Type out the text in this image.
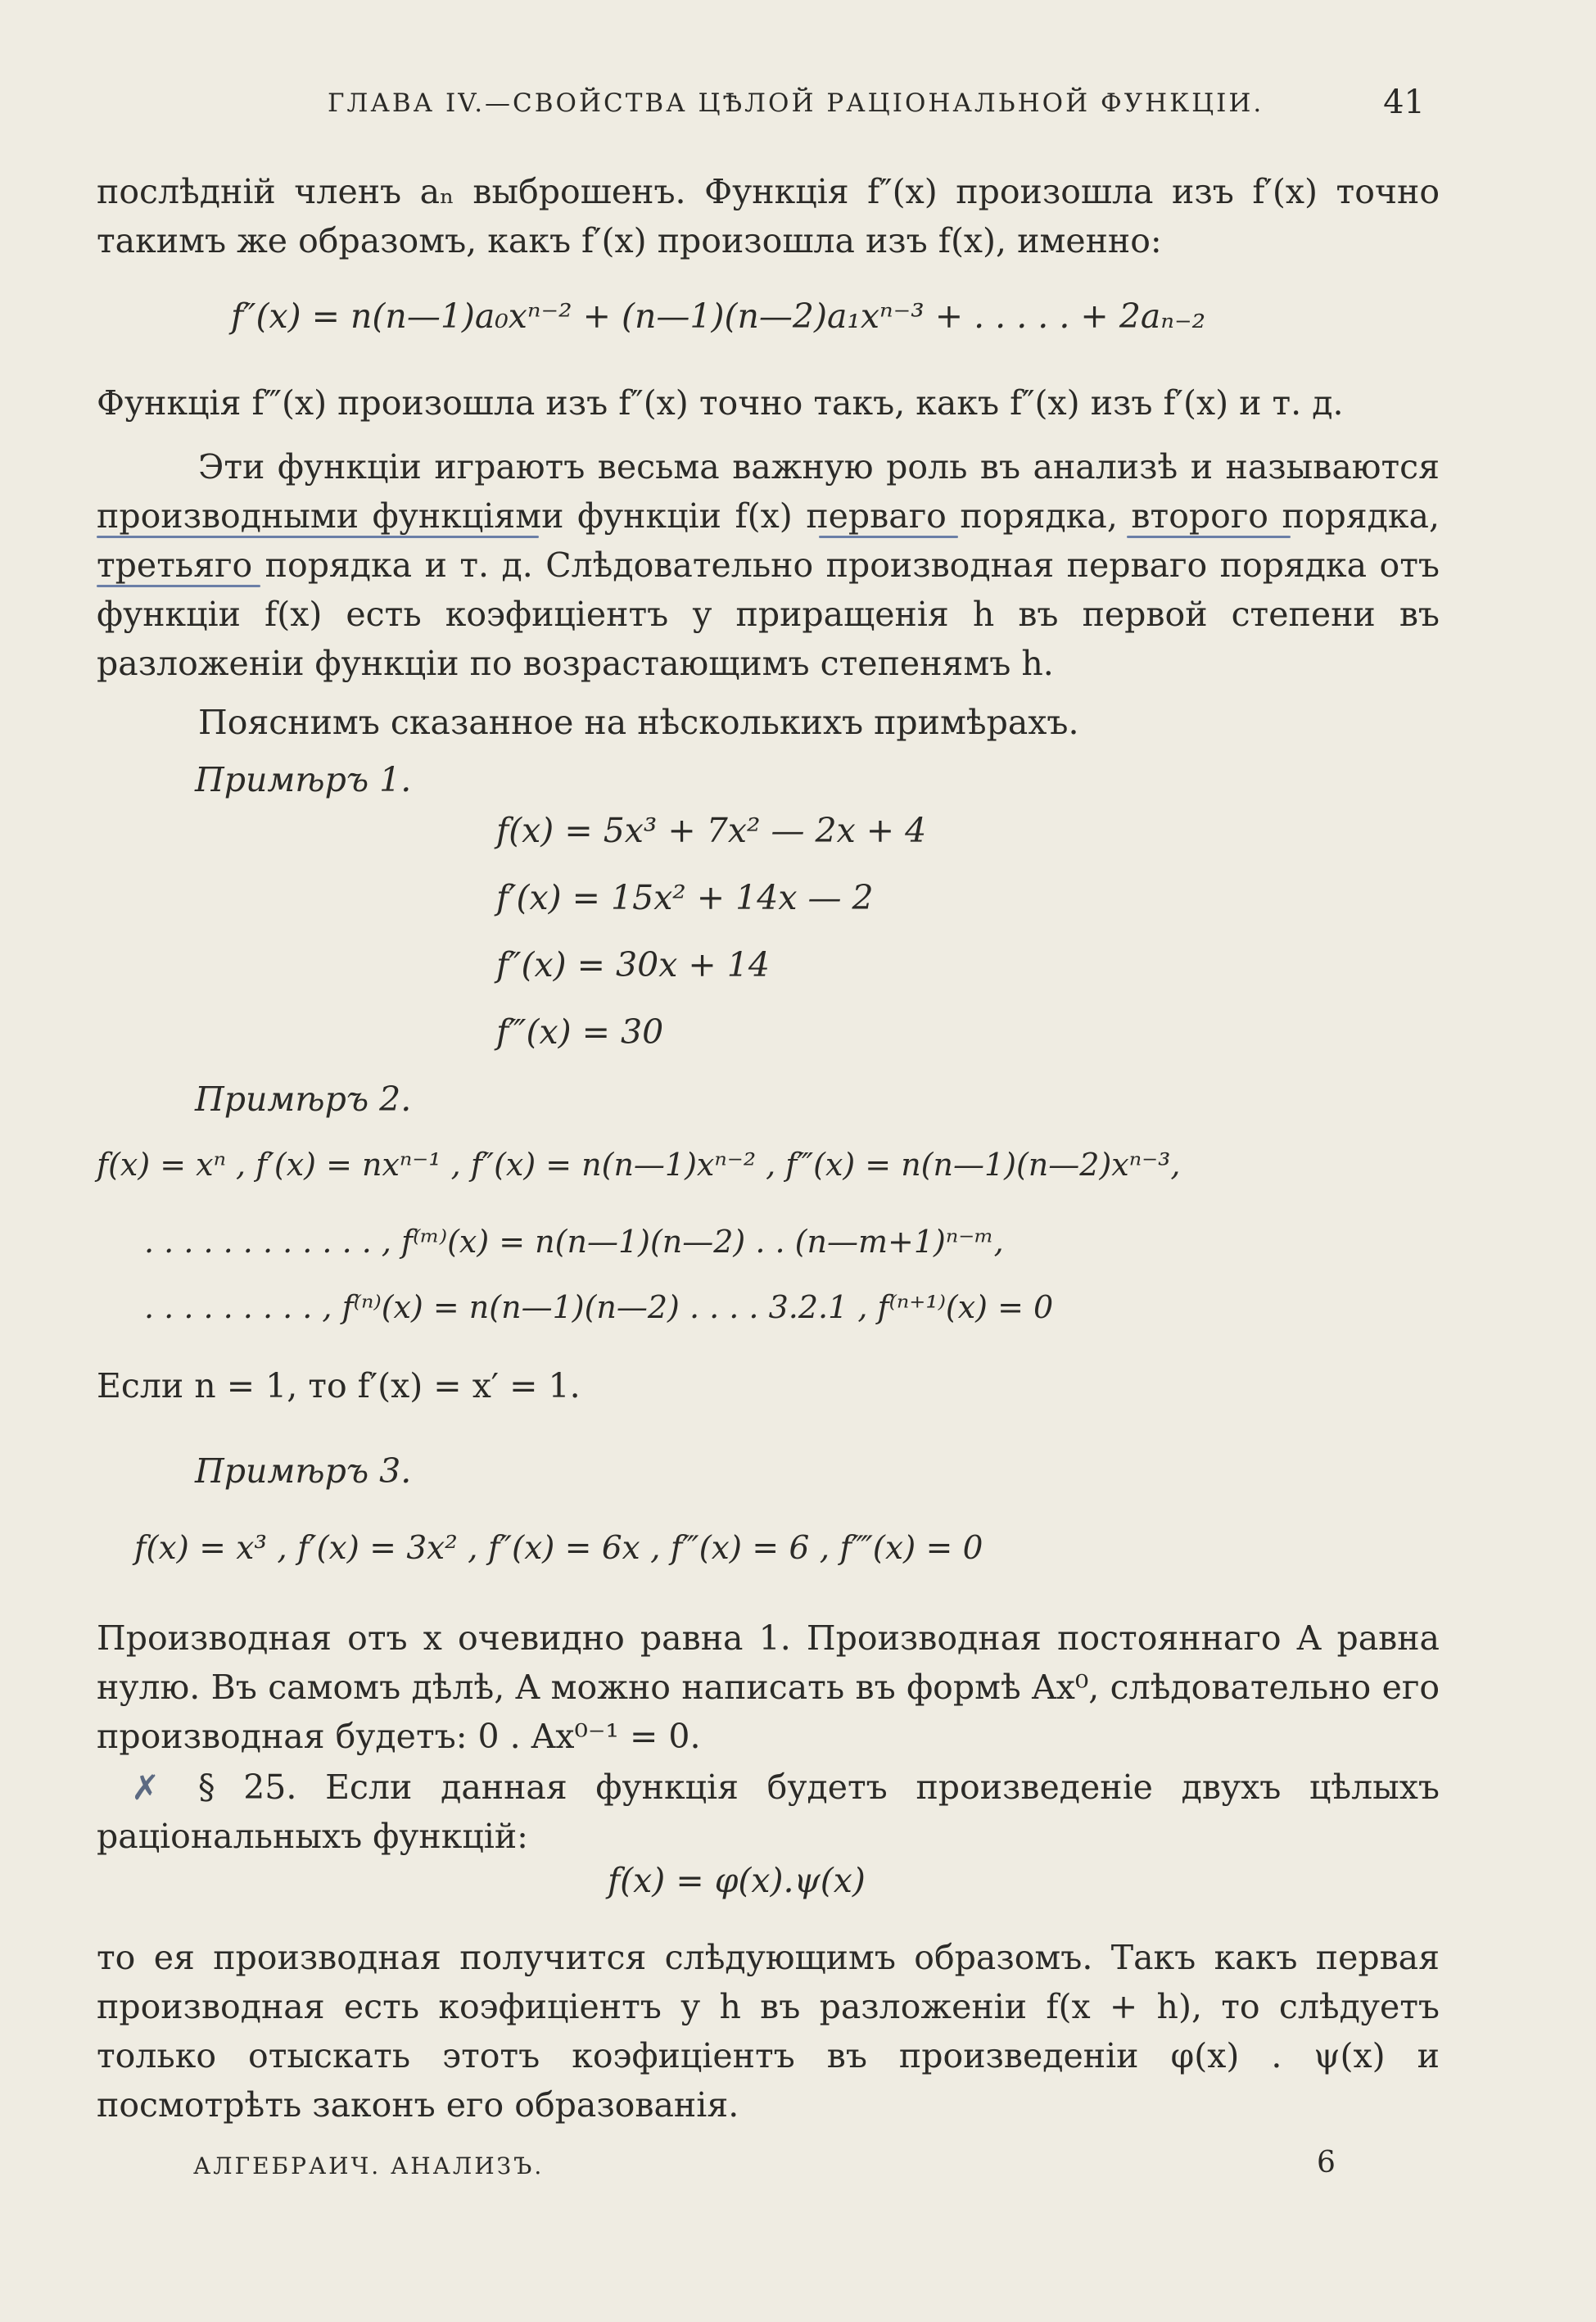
ГЛАВА IV.—СВОЙСТВА ЦѢЛОЙ РАЦIОНАЛЬНОЙ ФУНКЦIИ.	41
послѣднiй членъ aₙ выброшенъ. Функцiя f″(x) произошла изъ f′(x) точно такимъ же образомъ, какъ f′(x) произошла изъ f(x), именно:
f″(x) = n(n—1)a₀xⁿ⁻² + (n—1)(n—2)a₁xⁿ⁻³ + . . . . . + 2aₙ₋₂
Функцiя f‴(x) произошла изъ f″(x) точно такъ, какъ f″(x) изъ f′(x) и т. д.
Эти функцiи играютъ весьма важную роль въ анализѣ и называются производными функцiями функцiи f(x) перваго порядка, второго порядка, третьяго порядка и т. д. Слѣдовательно производная перваго порядка отъ функцiи f(x) есть коэфицiентъ у приращенiя h въ первой степени въ разложенiи функцiи по возрастающимъ степенямъ h.
Пояснимъ сказанное на нѣсколькихъ примѣрахъ.
Примѣръ 1.
f(x) = 5x³ + 7x² — 2x + 4
f′(x) = 15x² + 14x — 2
f″(x) = 30x + 14
f‴(x) = 30
Примѣръ 2.
f(x) = xⁿ , f′(x) = nxⁿ⁻¹ , f″(x) = n(n—1)xⁿ⁻² , f‴(x) = n(n—1)(n—2)xⁿ⁻³,
. . . . . . . . . . . . , f⁽ᵐ⁾(x) = n(n—1)(n—2) . . (n—m+1)ⁿ⁻ᵐ,
. . . . . . . . . , f⁽ⁿ⁾(x) = n(n—1)(n—2) . . . . 3.2.1 , f⁽ⁿ⁺¹⁾(x) = 0
Если n = 1, то f′(x) = x′ = 1.
Примѣръ 3.
f(x) = x³ , f′(x) = 3x² , f″(x) = 6x , f‴(x) = 6 , f⁗(x) = 0
Производная отъ x очевидно равна 1. Производная постояннаго A равна нулю. Въ самомъ дѣлѣ, A можно написать въ формѣ Ax⁰, слѣдовательно его производная будетъ: 0 . Ax⁰⁻¹ = 0.
✗	§ 25. Если данная функцiя будетъ произведенiе двухъ цѣлыхъ рацiональныхъ функцiй:
f(x) = φ(x).ψ(x)
то ея производная получится слѣдующимъ образомъ. Такъ какъ первая производная есть коэфицiентъ у h въ разложенiи f(x + h), то слѣдуетъ только отыскать этотъ коэфицiентъ въ произведенiи φ(x) . ψ(x) и посмотрѣть законъ его образованiя.
АЛГЕБРАИЧ. АНАЛИЗЪ.	6
